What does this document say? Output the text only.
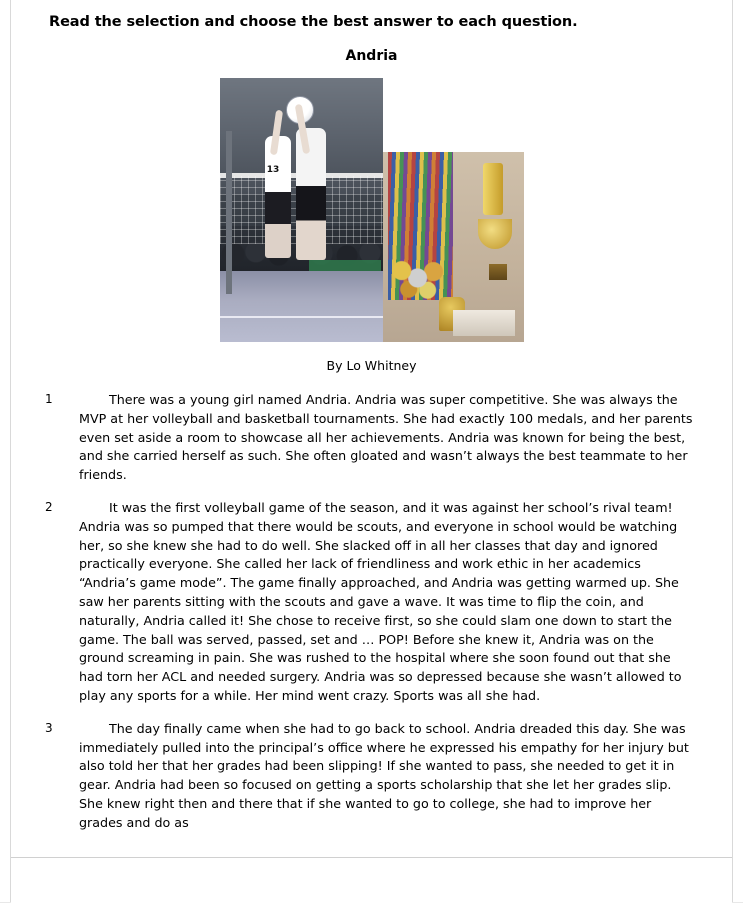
Read the selection and choose the best answer to each question.
Andria
13
By Lo Whitney
1	There was a young girl named Andria. Andria was super competitive. She was always the MVP at her volleyball and basketball tournaments. She had exactly 100 medals, and her parents even set aside a room to showcase all her achievements. Andria was known for being the best, and she carried herself as such. She often gloated and wasn’t always the best teammate to her friends.
2	It was the first volleyball game of the season, and it was against her school’s rival team! Andria was so pumped that there would be scouts, and everyone in school would be watching her, so she knew she had to do well. She slacked off in all her classes that day and ignored practically everyone. She called her lack of friendliness and work ethic in her academics “Andria’s game mode”. The game finally approached, and Andria was getting warmed up. She saw her parents sitting with the scouts and gave a wave. It was time to flip the coin, and naturally, Andria called it! She chose to receive first, so she could slam one down to start the game. The ball was served, passed, set and … POP! Before she knew it, Andria was on the ground screaming in pain. She was rushed to the hospital where she soon found out that she had torn her ACL and needed surgery. Andria was so depressed because she wasn’t allowed to play any sports for a while. Her mind went crazy. Sports was all she had.
3	The day finally came when she had to go back to school. Andria dreaded this day. She was immediately pulled into the principal’s office where he expressed his empathy for her injury but also told her that her grades had been slipping! If she wanted to pass, she needed to get it in gear. Andria had been so focused on getting a sports scholarship that she let her grades slip. She knew right then and there that if she wanted to go to college, she had to improve her grades and do as
